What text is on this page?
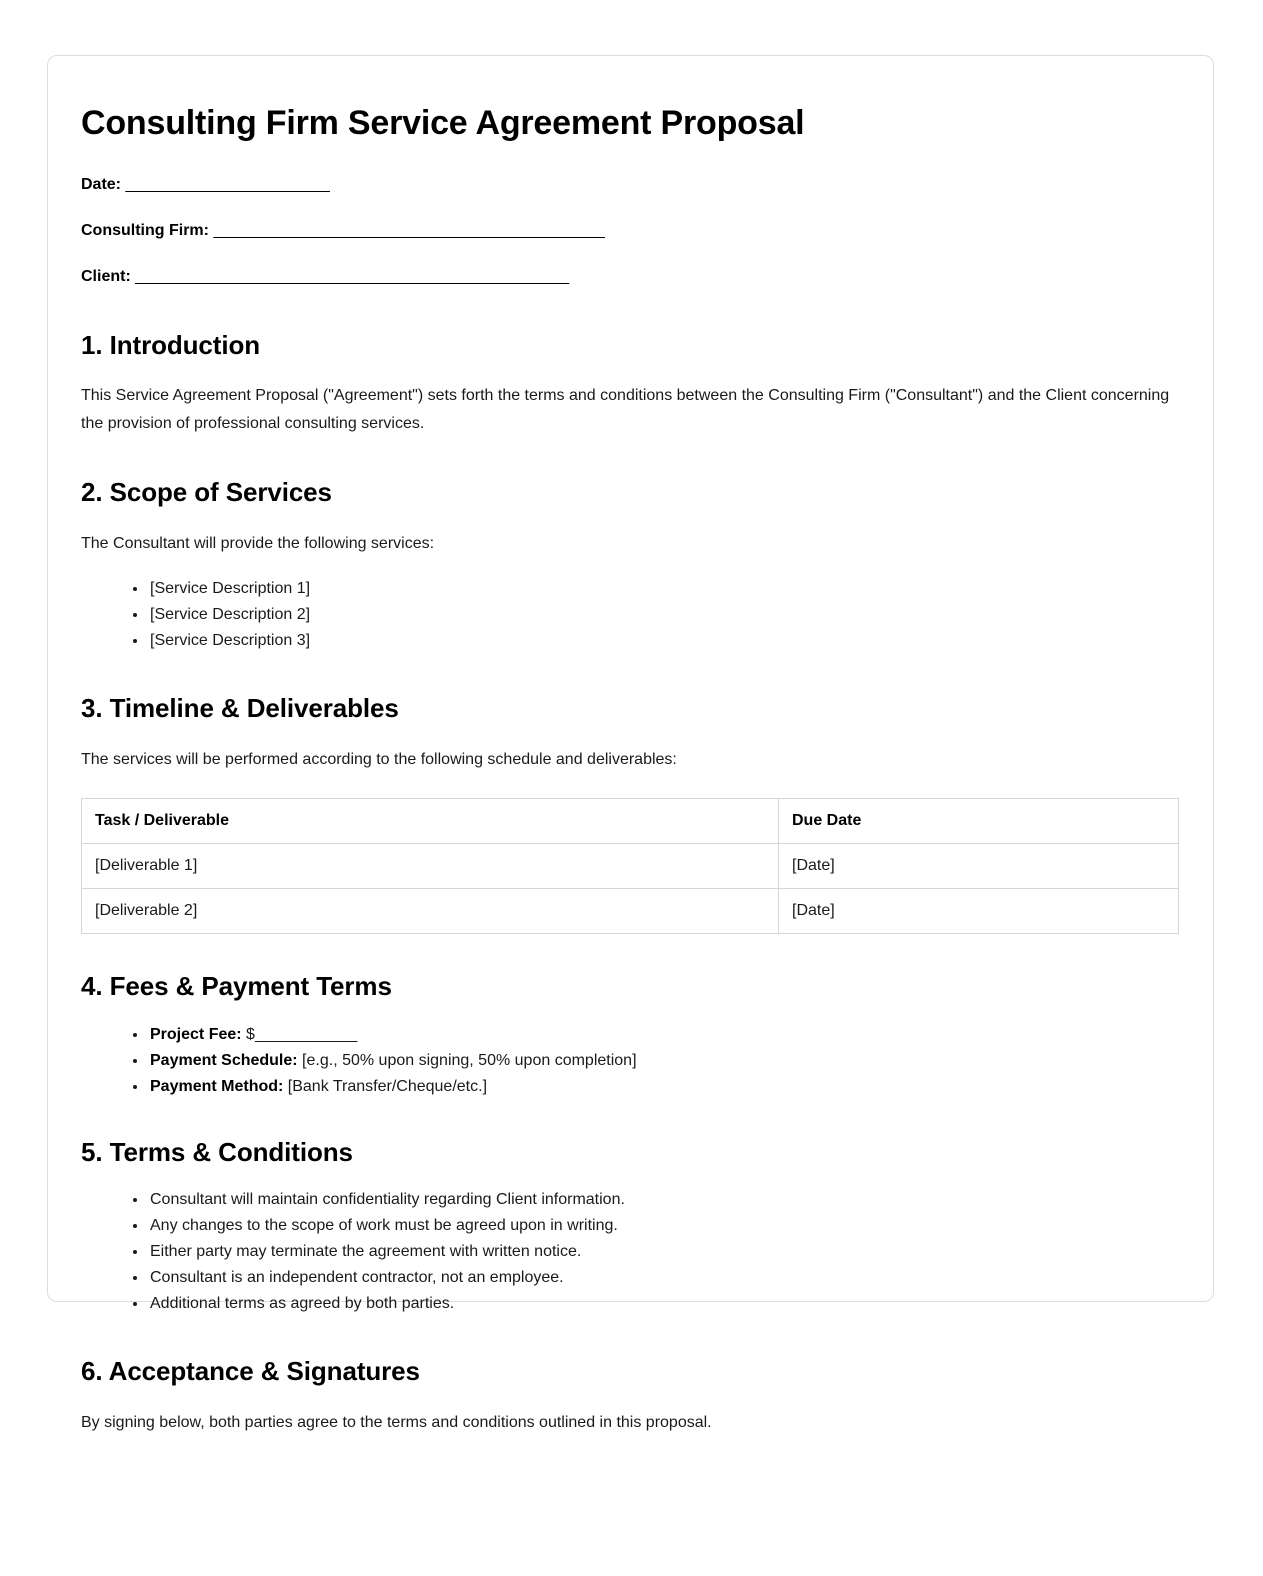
Consulting Firm Service Agreement Proposal

Date: ________________________

Consulting Firm: ______________________________________________

Client: ___________________________________________________

1. Introduction

This Service Agreement Proposal ("Agreement") sets forth the terms and conditions between the Consulting Firm ("Consultant") and the Client concerning the provision of professional consulting services.

2. Scope of Services

The Consultant will provide the following services:

• [Service Description 1]
• [Service Description 2]
• [Service Description 3]
3. Timeline & Deliverables

The services will be performed according to the following schedule and deliverables:

Task / Deliverable	Due Date
[Deliverable 1]	[Date]
[Deliverable 2]	[Date]
4. Fees & Payment Terms
• Project Fee: $____________
• Payment Schedule: [e.g., 50% upon signing, 50% upon completion]
• Payment Method: [Bank Transfer/Cheque/etc.]
5. Terms & Conditions
• Consultant will maintain confidentiality regarding Client information.
• Any changes to the scope of work must be agreed upon in writing.
• Either party may terminate the agreement with written notice.
• Consultant is an independent contractor, not an employee.
• Additional terms as agreed by both parties.
6. Acceptance & Signatures

By signing below, both parties agree to the terms and conditions outlined in this proposal.
